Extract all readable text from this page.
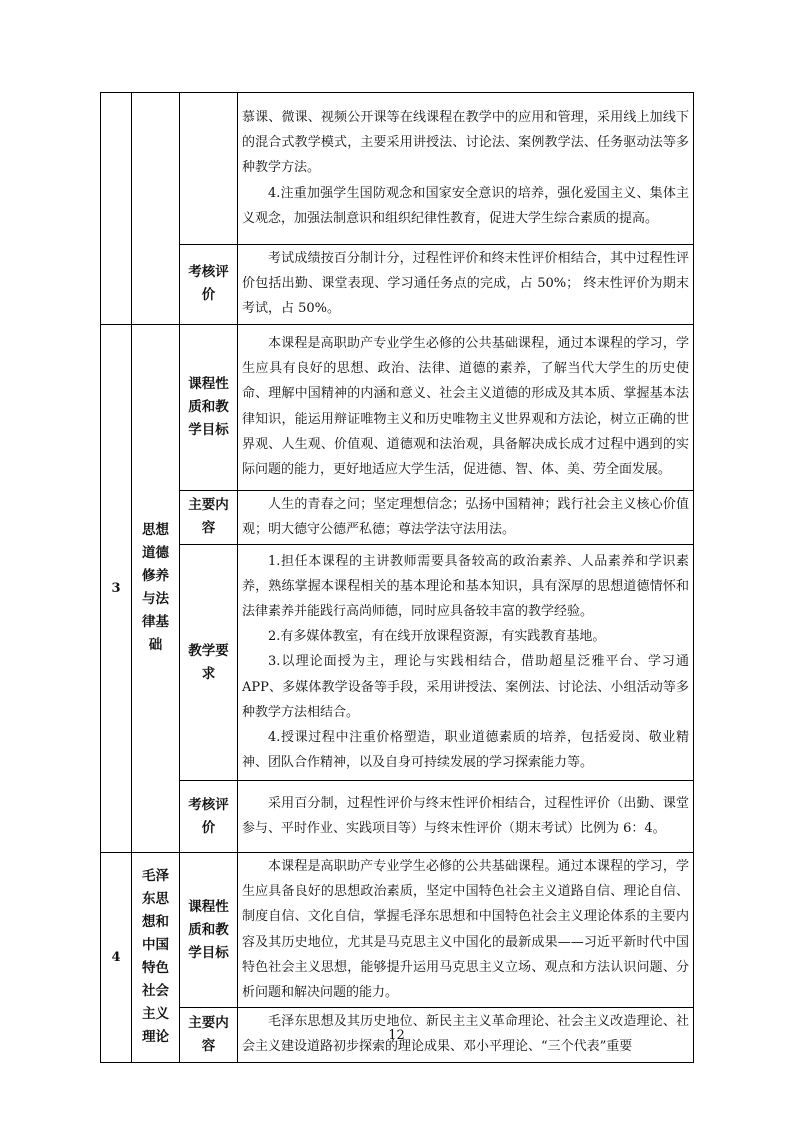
			慕课、微课、视频公开课等在线课程在教学中的应用和管理，采用线上加线下的混合式教学模式，主要采用讲授法、讨论法、案例教学法、任务驱动法等多种教学方法。

4.注重加强学生国防观念和国家安全意识的培养，强化爱国主义、集体主义观念，加强法制意识和组织纪律性教育，促进大学生综合素质的提高。

		考核评价	考试成绩按百分制计分，过程性评价和终末性评价相结合，其中过程性评价包括出勤、课堂表现、学习通任务点的完成，占 50%； 终末性评价为期末考试，占 50%。

3	思想道德修养与法律基础	课程性质和教学目标	本课程是高职助产专业学生必修的公共基础课程，通过本课程的学习，学生应具有良好的思想、政治、法律、道德的素养，了解当代大学生的历史使命、理解中国精神的内涵和意义、社会主义道德的形成及其本质、掌握基本法律知识，能运用辩证唯物主义和历史唯物主义世界观和方法论，树立正确的世界观、人生观、价值观、道德观和法治观，具备解决成长成才过程中遇到的实际问题的能力，更好地适应大学生活，促进德、智、体、美、劳全面发展。

		主要内容	人生的青春之问；坚定理想信念；弘扬中国精神；践行社会主义核心价值观；明大德守公德严私德；尊法学法守法用法。

		教学要求	1.担任本课程的主讲教师需要具备较高的政治素养、人品素养和学识素养，熟练掌握本课程相关的基本理论和基本知识，具有深厚的思想道德情怀和法律素养并能践行高尚师德，同时应具备较丰富的教学经验。

2.有多媒体教室，有在线开放课程资源，有实践教育基地。

3.以理论面授为主，理论与实践相结合，借助超星泛雅平台、学习通APP、多媒体教学设备等手段，采用讲授法、案例法、讨论法、小组活动等多种教学方法相结合。

4.授课过程中注重价格塑造，职业道德素质的培养，包括爱岗、敬业精神、团队合作精神，以及自身可持续发展的学习探索能力等。

		考核评价	采用百分制，过程性评价与终末性评价相结合，过程性评价（出勤、课堂参与、平时作业、实践项目等）与终末性评价（期末考试）比例为 6：4。

4	毛泽东思想和中国特色社会主义理论	课程性质和教学目标	本课程是高职助产专业学生必修的公共基础课程。通过本课程的学习，学生应具备良好的思想政治素质，坚定中国特色社会主义道路自信、理论自信、制度自信、文化自信，掌握毛泽东思想和中国特色社会主义理论体系的主要内容及其历史地位，尤其是马克思主义中国化的最新成果——习近平新时代中国特色社会主义思想，能够提升运用马克思主义立场、观点和方法认识问题、分析问题和解决问题的能力。

		主要内容	毛泽东思想及其历史地位、新民主主义革命理论、社会主义改造理论、社会主义建设道路初步探索的理论成果、邓小平理论、“三个代表”重要

12
